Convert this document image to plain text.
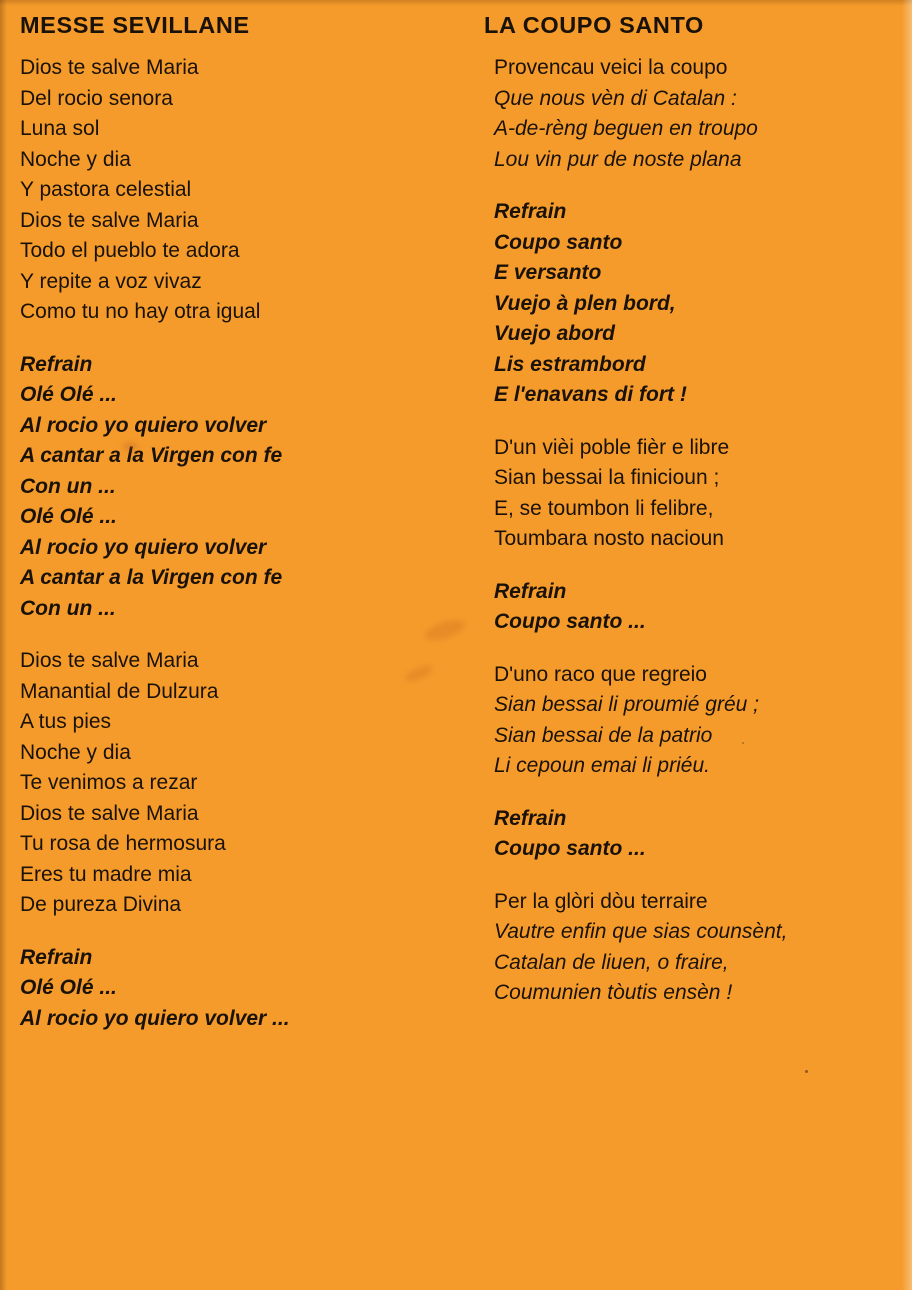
MESSE SEVILLANE
Dios te salve Maria
Del rocio senora
Luna sol
Noche y dia
Y pastora celestial
Dios te salve Maria
Todo el pueblo te adora
Y repite a voz vivaz
Como tu no hay otra igual
Refrain
Olé Olé ...
Al rocio yo quiero volver
A cantar a la Virgen con fe
Con un ...
Olé Olé ...
Al rocio yo quiero volver
A cantar a la Virgen con fe
Con un ...
Dios te salve Maria
Manantial de Dulzura
A tus pies
Noche y dia
Te venimos a rezar
Dios te salve Maria
Tu rosa de hermosura
Eres tu madre mia
De pureza Divina
Refrain
Olé Olé ...
Al rocio yo quiero volver ...
LA COUPO SANTO
Provencau veici la coupo
Que nous vèn di Catalan :
A-de-rèng beguen en troupo
Lou vin pur de noste plana
Refrain
Coupo santo
E versanto
Vuejo à plen bord,
Vuejo abord
Lis estrambord
E l'enavans di fort !
D'un vièi poble fièr e libre
Sian bessai la finicioun ;
E, se toumbon li felibre,
Toumbara nosto nacioun
Refrain
Coupo santo ...
D'uno raco que regreio
Sian bessai li proumié gréu ;
Sian bessai de la patrio
Li cepoun emai li priéu.
Refrain
Coupo santo ...
Per la glòri dòu terraire
Vautre enfin que sias counsènt,
Catalan de liuen, o fraire,
Coumunien tòutis ensèn !
